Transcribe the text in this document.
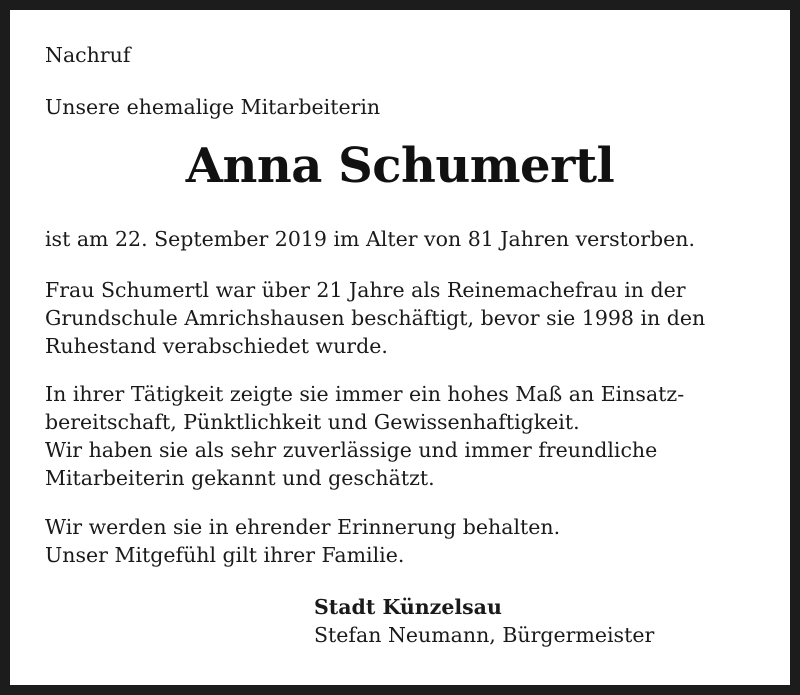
Nachruf

Unsere ehemalige Mitarbeiterin

Anna Schumertl

ist am 22. September 2019 im Alter von 81 Jahren verstorben.

Frau Schumertl war über 21 Jahre als Reinemachefrau in der

Grundschule Amrichshausen beschäftigt, bevor sie 1998 in den

Ruhestand verabschiedet wurde.

In ihrer Tätigkeit zeigte sie immer ein hohes Maß an Einsatz-

bereitschaft, Pünktlichkeit und Gewissenhaftigkeit.

Wir haben sie als sehr zuverlässige und immer freundliche

Mitarbeiterin gekannt und geschätzt.

Wir werden sie in ehrender Erinnerung behalten.

Unser Mitgefühl gilt ihrer Familie.

Stadt Künzelsau

Stefan Neumann, Bürgermeister
